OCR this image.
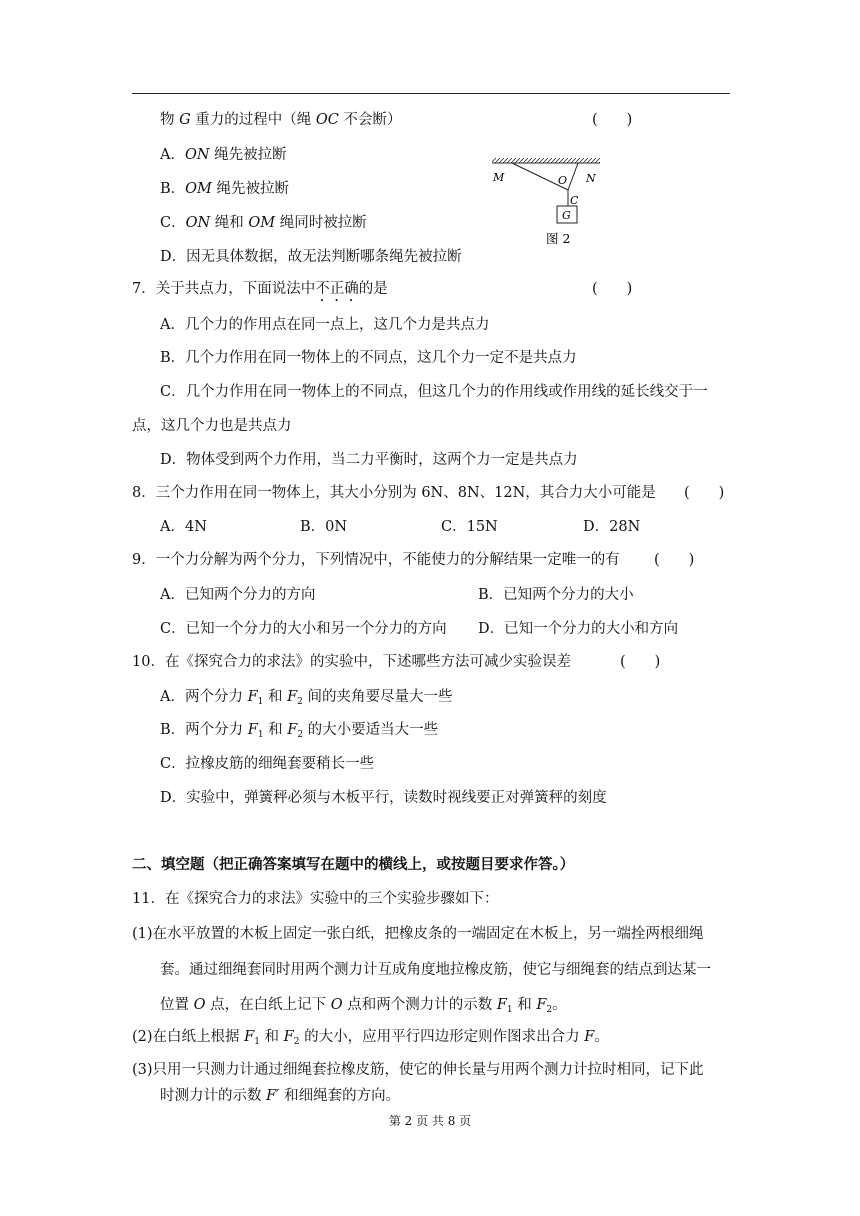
物 G 重力的过程中（绳 OC 不会断）	(　　)
A．ON 绳先被拉断
B．OM 绳先被拉断
C．ON 绳和 OM 绳同时被拉断
D．因无具体数据，故无法判断哪条绳先被拉断
M	O N
C
G
图 2
7．关于共点力，下面说法中不正确的是	(　　)
A．几个力的作用点在同一点上，这几个力是共点力
B．几个力作用在同一物体上的不同点，这几个力一定不是共点力
C．几个力作用在同一物体上的不同点，但这几个力的作用线或作用线的延长线交于一
点，这几个力也是共点力
D．物体受到两个力作用，当二力平衡时，这两个力一定是共点力
8．三个力作用在同一物体上，其大小分别为 6N、8N、12N，其合力大小可能是 (　　)
A．4N	B．0N	C．15N	D．28N
9．一个力分解为两个分力，下列情况中，不能使力的分解结果一定唯一的有 (　　)
A．已知两个分力的方向	B．已知两个分力的大小
C．已知一个分力的大小和另一个分力的方向 D．已知一个分力的大小和方向
10．在《探究合力的求法》的实验中，下述哪些方法可减少实验误差	(　　)
A．两个分力 $F_1$ 和 $F_2$ 间的夹角要尽量大一些
B．两个分力 $F_1$ 和 $F_2$ 的大小要适当大一些
C．拉橡皮筋的细绳套要稍长一些
D．实验中，弹簧秤必须与木板平行，读数时视线要正对弹簧秤的刻度
二、填空题（把正确答案填写在题中的横线上，或按题目要求作答。）
11．在《探究合力的求法》实验中的三个实验步骤如下：
(1)在水平放置的木板上固定一张白纸，把橡皮条的一端固定在木板上，另一端拴两根细绳
套。通过细绳套同时用两个测力计互成角度地拉橡皮筋，使它与细绳套的结点到达某一
位置 O 点，在白纸上记下 O 点和两个测力计的示数 $F_1$ 和 $F_2$。
(2)在白纸上根据 $F_1$ 和 $F_2$ 的大小，应用平行四边形定则作图求出合力 F。
(3)只用一只测力计通过细绳套拉橡皮筋，使它的伸长量与用两个测力计拉时相同，记下此
时测力计的示数 F′ 和细绳套的方向。
第 2 页 共 8 页
